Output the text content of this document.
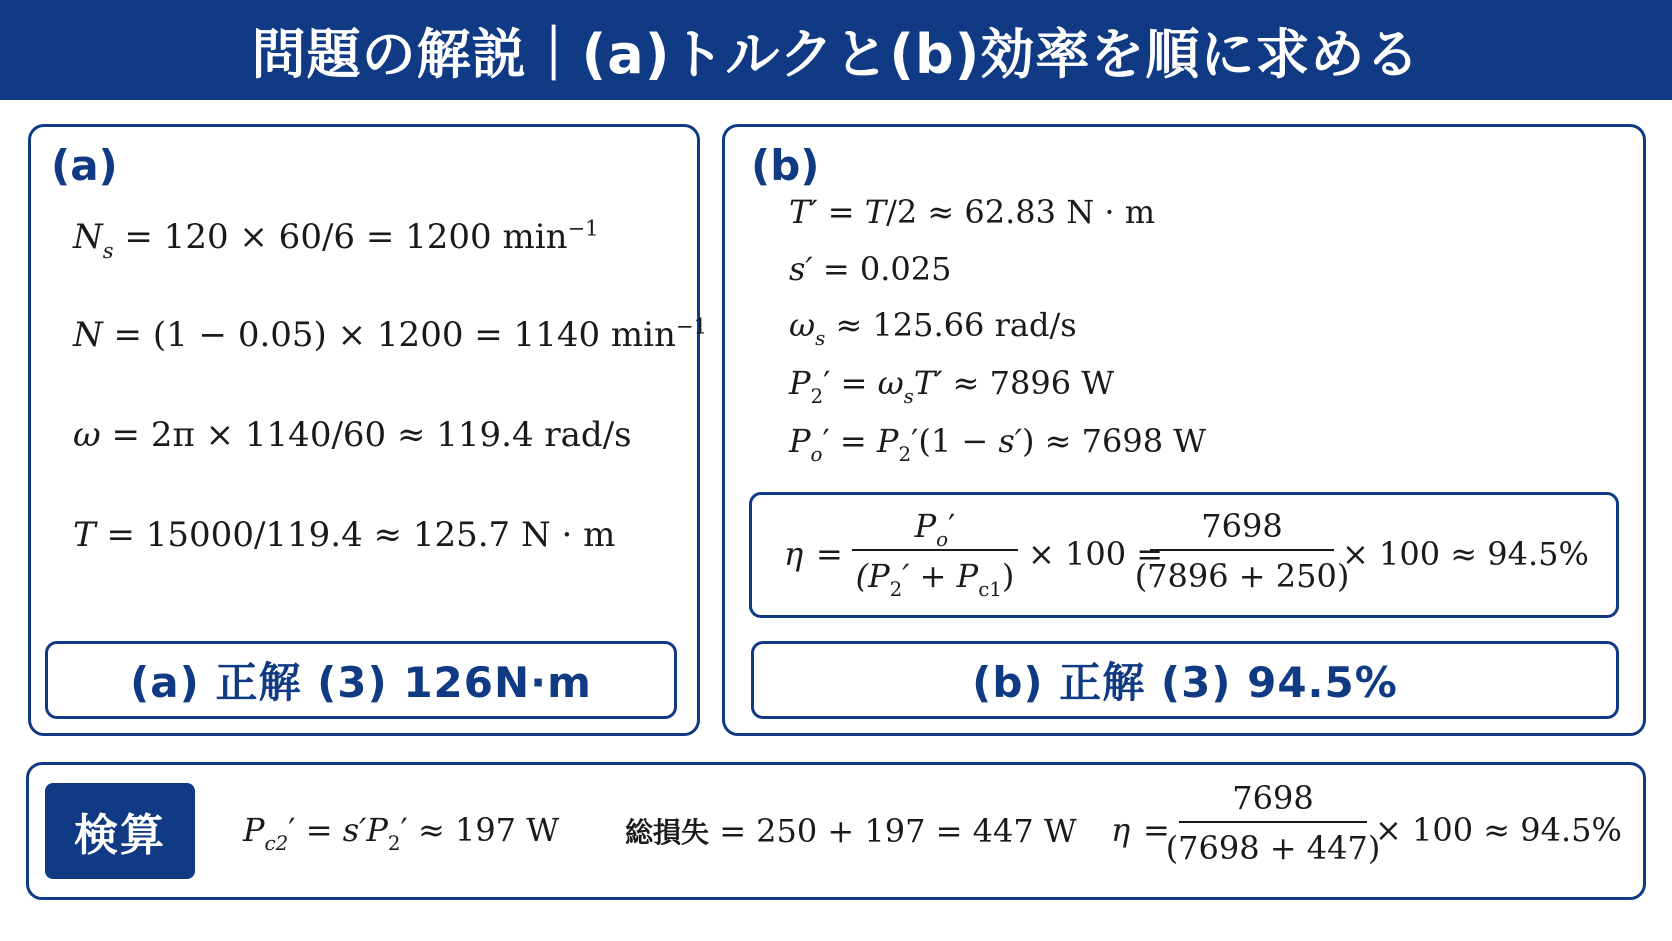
問題の解説｜(a)トルクと(b)効率を順に求める
(a)
$N_s = 120 \times 60/6 = 1200$ $\min^{-1}$
N = (1 − 0.05) × 1200 = 1140 $\min^{-1}$
ω = 2π × 1140/60 ≈ 119.4 rad/s
T = 15000/119.4 ≈ 125.7 N · m
(a) 正解 (3) 126N·m
(b)
T′ = T/2 ≈ 62.83 N · m
s′ = 0.025
$\omega_s \approx 125.66$ rad/s
$P_2' = \omega_sT' \approx 7896$ W
$P_o' = P_2'(1 - s') \approx 7698$ W
η =
$P_o'$
$(P_2' + P_{c1})$
× 100 =
7698
(7896 + 250)
× 100 ≈ 94.5%
(b) 正解 (3) 94.5%
検算	$P_{c2}' = s'P_2' \approx 197$ W 総損失 = 250 + 197 = 447 W η =
7698
(7698 + 447)
× 100 ≈ 94.5%
